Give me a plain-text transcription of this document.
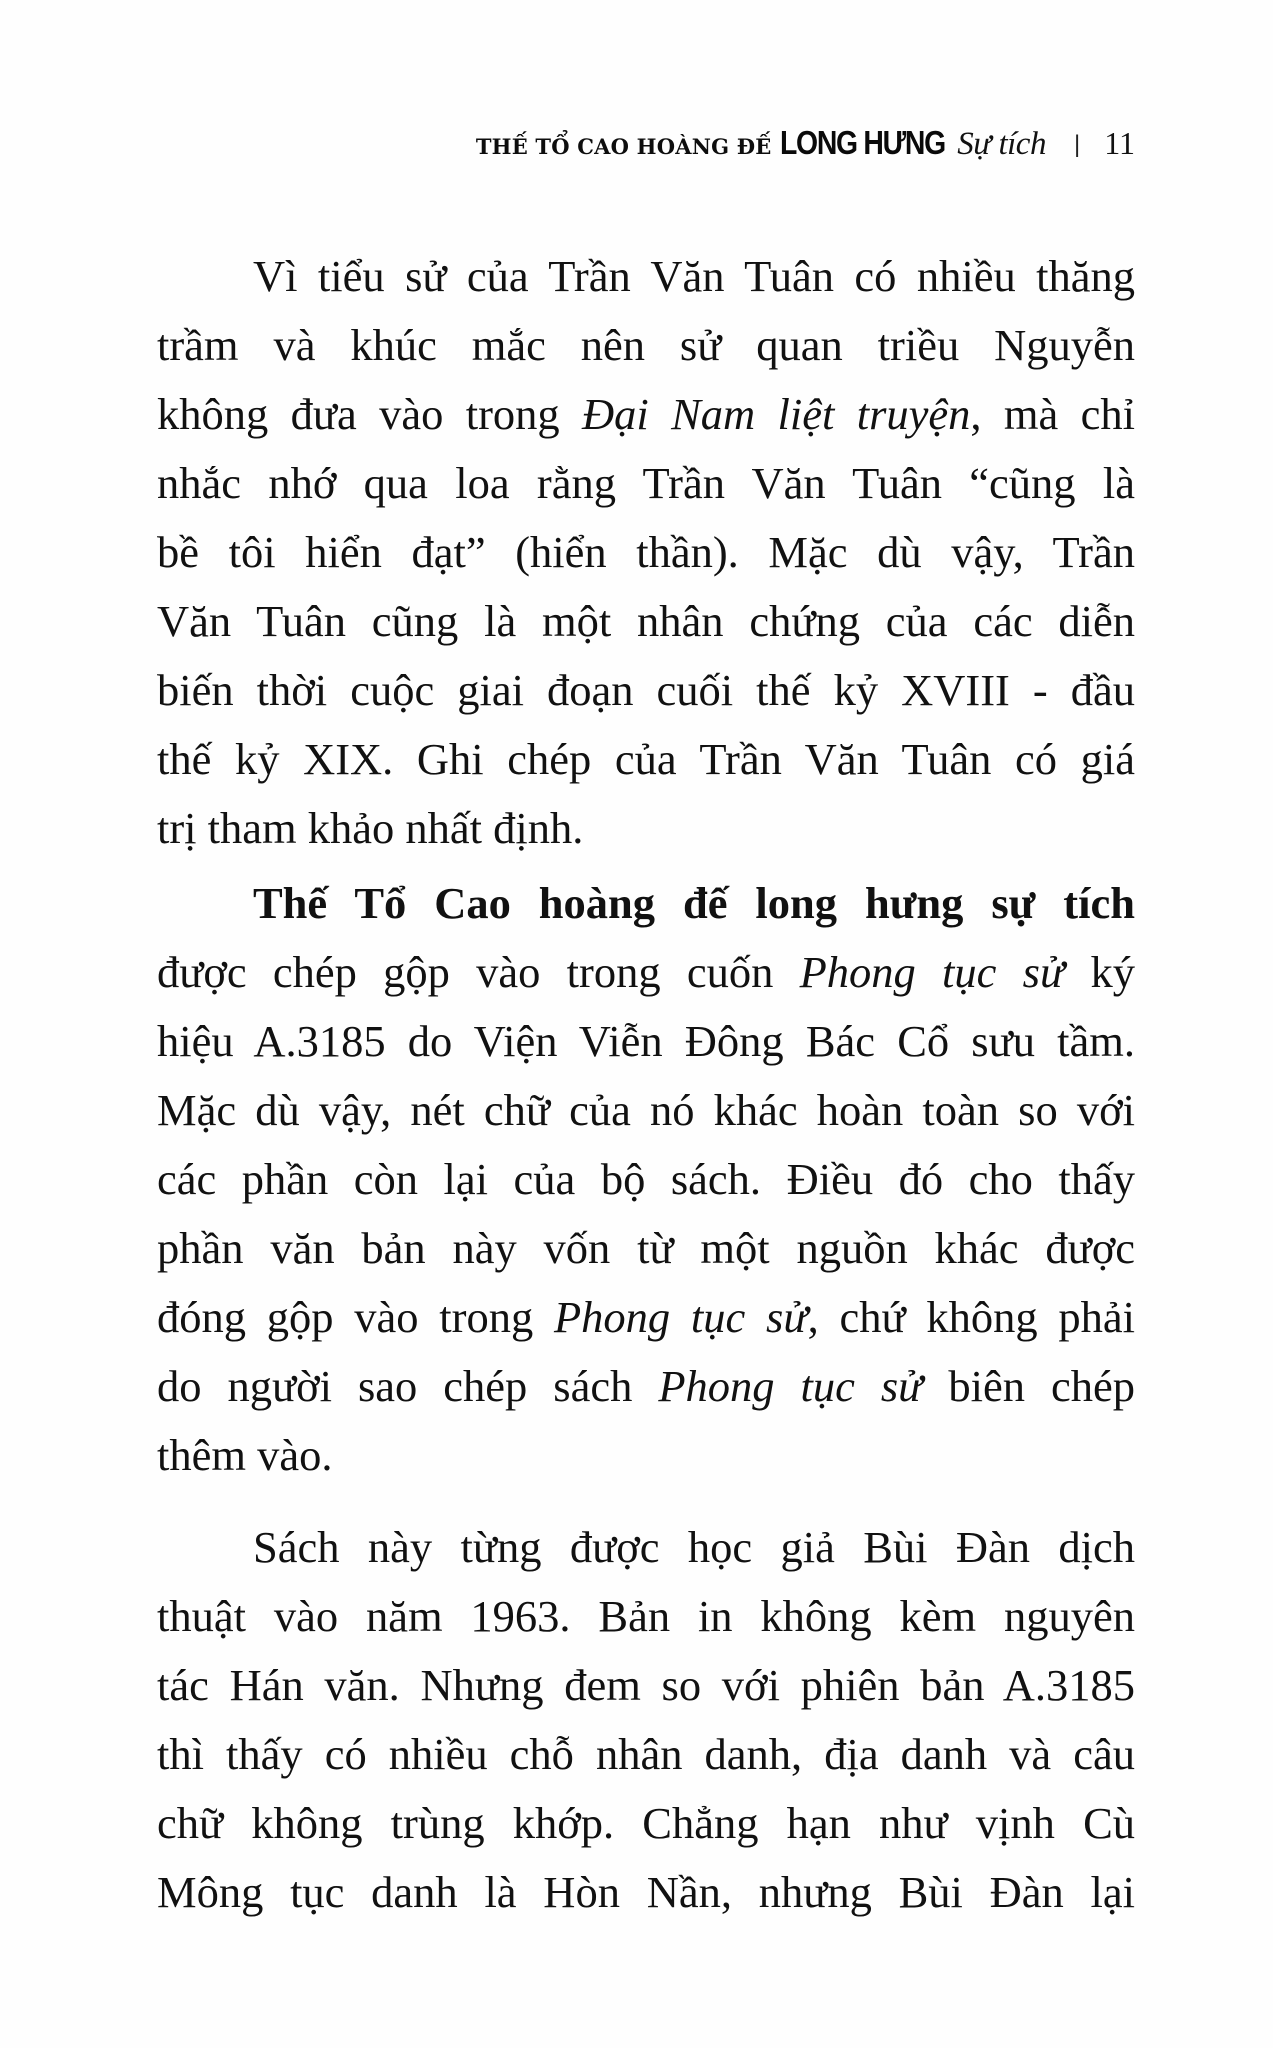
THẾ TỔ CAO HOÀNG ĐẾ LONG HƯNG Sự tích | 11
Vì tiểu sử của Trần Văn Tuân có nhiều thăng
trầm và khúc mắc nên sử quan triều Nguyễn
không đưa vào trong Đại Nam liệt truyện, mà chỉ
nhắc nhớ qua loa rằng Trần Văn Tuân “cũng là
bề tôi hiển đạt” (hiển thần). Mặc dù vậy, Trần
Văn Tuân cũng là một nhân chứng của các diễn
biến thời cuộc giai đoạn cuối thế kỷ XVIII - đầu
thế kỷ XIX. Ghi chép của Trần Văn Tuân có giá
trị tham khảo nhất định.
Thế Tổ Cao hoàng đế long hưng sự tích
được chép gộp vào trong cuốn Phong tục sử ký
hiệu A.3185 do Viện Viễn Đông Bác Cổ sưu tầm.
Mặc dù vậy, nét chữ của nó khác hoàn toàn so với
các phần còn lại của bộ sách. Điều đó cho thấy
phần văn bản này vốn từ một nguồn khác được
đóng gộp vào trong Phong tục sử, chứ không phải
do người sao chép sách Phong tục sử biên chép
thêm vào.
Sách này từng được học giả Bùi Đàn dịch
thuật vào năm 1963. Bản in không kèm nguyên
tác Hán văn. Nhưng đem so với phiên bản A.3185
thì thấy có nhiều chỗ nhân danh, địa danh và câu
chữ không trùng khớp. Chẳng hạn như vịnh Cù
Mông tục danh là Hòn Nần, nhưng Bùi Đàn lại
